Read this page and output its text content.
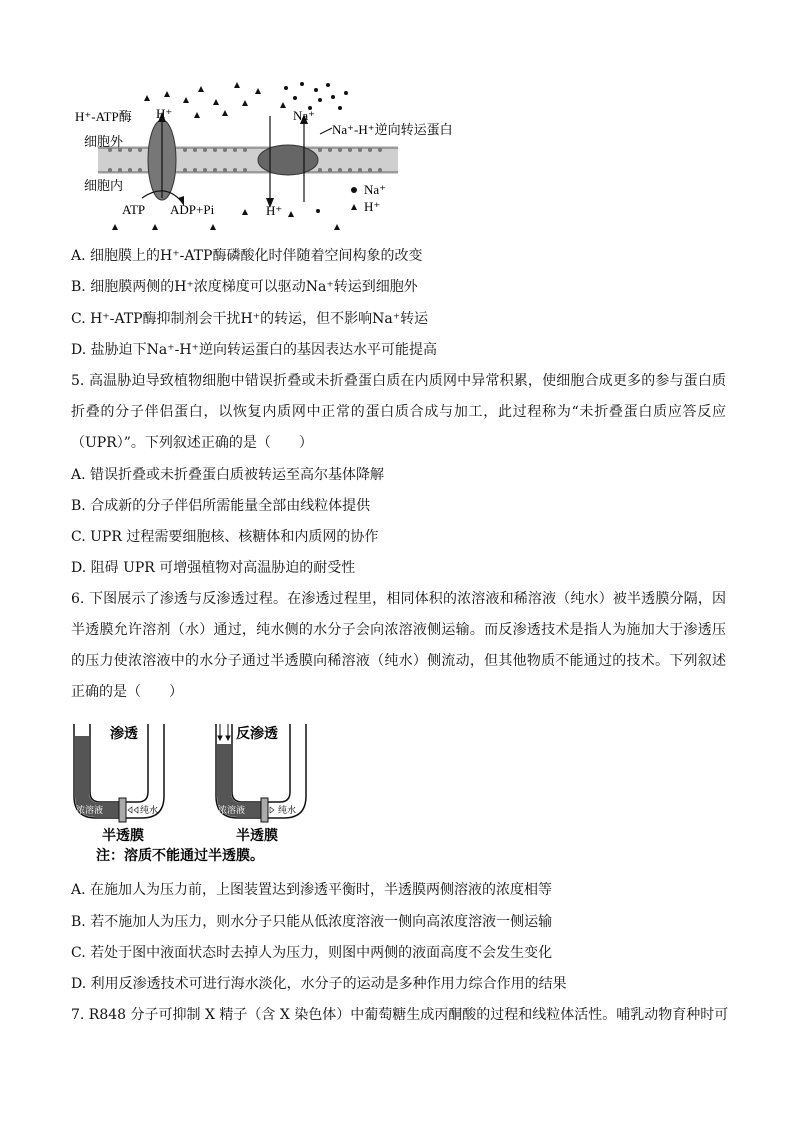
H⁺-ATP酶 H⁺	Na⁺
Na⁺-H⁺逆向转运蛋白
细胞外
细胞内
ATP ADP+Pi	H⁺
Na⁺
H⁺
A. 细胞膜上的H⁺-ATP酶磷酸化时伴随着空间构象的改变
B. 细胞膜两侧的H⁺浓度梯度可以驱动Na⁺转运到细胞外
C. H⁺-ATP酶抑制剂会干扰H⁺的转运，但不影响Na⁺转运
D. 盐胁迫下Na⁺-H⁺逆向转运蛋白的基因表达水平可能提高
5. 高温胁迫导致植物细胞中错误折叠或未折叠蛋白质在内质网中异常积累，使细胞合成更多的参与蛋白质折叠的分子伴侣蛋白，以恢复内质网中正常的蛋白质合成与加工，此过程称为“未折叠蛋白质应答反应（UPR）”。下列叙述正确的是（　　）
A. 错误折叠或未折叠蛋白质被转运至高尔基体降解
B. 合成新的分子伴侣所需能量全部由线粒体提供
C. UPR 过程需要细胞核、核糖体和内质网的协作
D. 阻碍 UPR 可增强植物对高温胁迫的耐受性
6. 下图展示了渗透与反渗透过程。在渗透过程里，相同体积的浓溶液和稀溶液（纯水）被半透膜分隔，因半透膜允许溶剂（水）通过，纯水侧的水分子会向浓溶液侧运输。而反渗透技术是指人为施加大于渗透压的压力使浓溶液中的水分子通过半透膜向稀溶液（纯水）侧流动，但其他物质不能通过的技术。下列叙述正确的是（　　）
渗透
浓溶液	纯水
半透膜
反渗透
浓溶液	纯水
半透膜
注：溶质不能通过半透膜。
A. 在施加人为压力前，上图装置达到渗透平衡时，半透膜两侧溶液的浓度相等
B. 若不施加人为压力，则水分子只能从低浓度溶液一侧向高浓度溶液一侧运输
C. 若处于图中液面状态时去掉人为压力，则图中两侧的液面高度不会发生变化
D. 利用反渗透技术可进行海水淡化，水分子的运动是多种作用力综合作用的结果
7. R848 分子可抑制 X 精子（含 X 染色体）中葡萄糖生成丙酮酸的过程和线粒体活性。哺乳动物育种时可
